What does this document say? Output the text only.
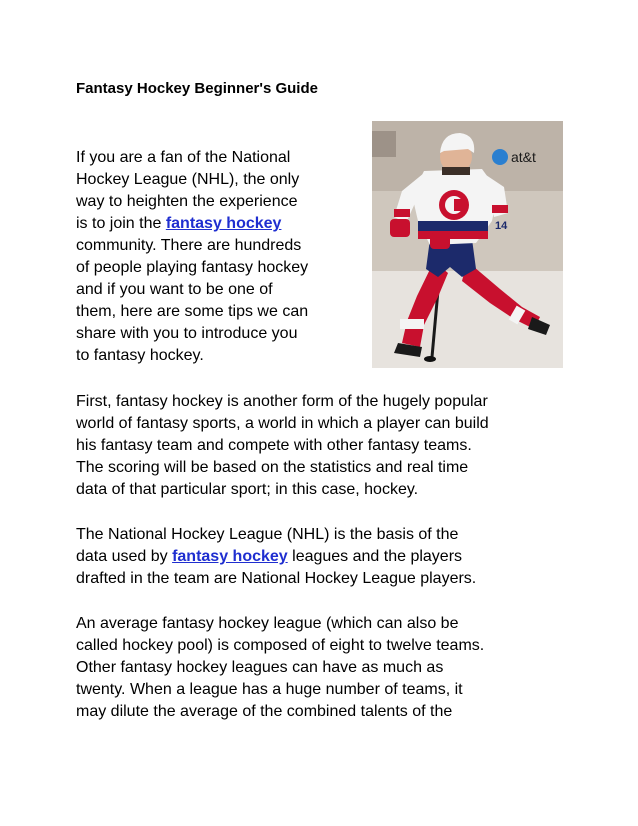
Fantasy Hockey Beginner's Guide
at&t
14
If you are a fan of the National
Hockey League (NHL), the only
way to heighten the experience
is to join the fantasy hockey
community. There are hundreds
of people playing fantasy hockey
and if you want to be one of
them, here are some tips we can
share with you to introduce you
to fantasy hockey.
First, fantasy hockey is another form of the hugely popular
world of fantasy sports, a world in which a player can build
his fantasy team and compete with other fantasy teams.
The scoring will be based on the statistics and real time
data of that particular sport; in this case, hockey.
The National Hockey League (NHL) is the basis of the
data used by fantasy hockey leagues and the players
drafted in the team are National Hockey League players.
An average fantasy hockey league (which can also be
called hockey pool) is composed of eight to twelve teams.
Other fantasy hockey leagues can have as much as
twenty. When a league has a huge number of teams, it
may dilute the average of the combined talents of the
